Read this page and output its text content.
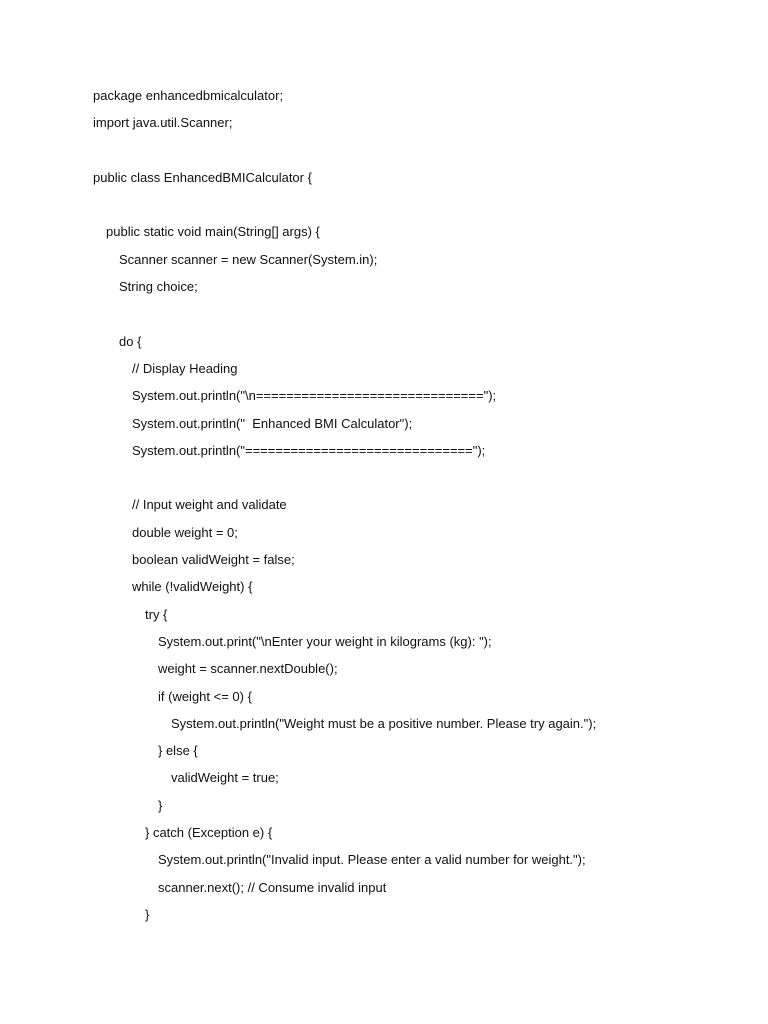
package enhancedbmicalculator;
import java.util.Scanner;
public class EnhancedBMICalculator {
public static void main(String[] args) {
Scanner scanner = new Scanner(System.in);
String choice;
do {
// Display Heading
System.out.println("\n==============================");
System.out.println("  Enhanced BMI Calculator");
System.out.println("==============================");
// Input weight and validate
double weight = 0;
boolean validWeight = false;
while (!validWeight) {
try {
System.out.print("\nEnter your weight in kilograms (kg): ");
weight = scanner.nextDouble();
if (weight <= 0) {
System.out.println("Weight must be a positive number. Please try again.");
} else {
validWeight = true;
}
} catch (Exception e) {
System.out.println("Invalid input. Please enter a valid number for weight.");
scanner.next(); // Consume invalid input
}
